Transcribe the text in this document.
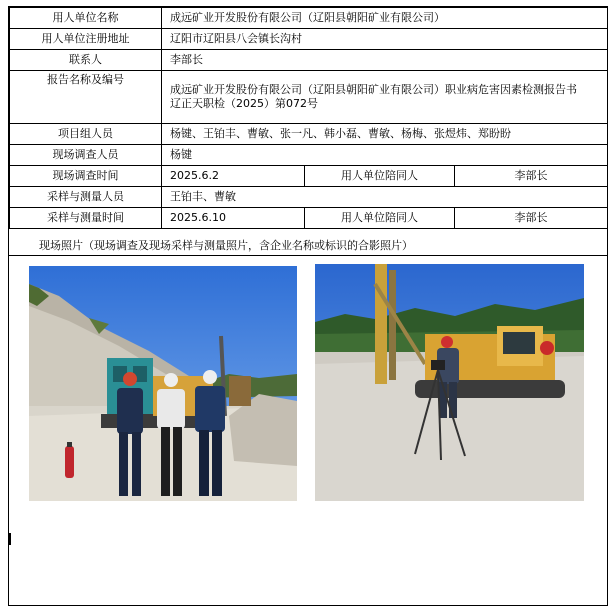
用人单位名称	成远矿业开发股份有限公司（辽阳县朝阳矿业有限公司）		
用人单位注册地址	辽阳市辽阳县八会镇长沟村		
联系人	李部长		
报告名称及编号	成远矿业开发股份有限公司（辽阳县朝阳矿业有限公司）职业病危害因素检测报告书
辽正天职检（2025）第072号		

项目组人员	杨键、王铂丰、曹敏、张一凡、韩小磊、曹敏、杨梅、张煜炜、郑盼盼		
现场调查人员	杨键		
现场调查时间	2025.6.2	用人单位陪同人	李部长
采样与测量人员	王铂丰、曹敏		
采样与测量时间	2025.6.10	用人单位陪同人	李部长
现场照片（现场调查及现场采样与测量照片，含企业名称或标识的合影照片）
